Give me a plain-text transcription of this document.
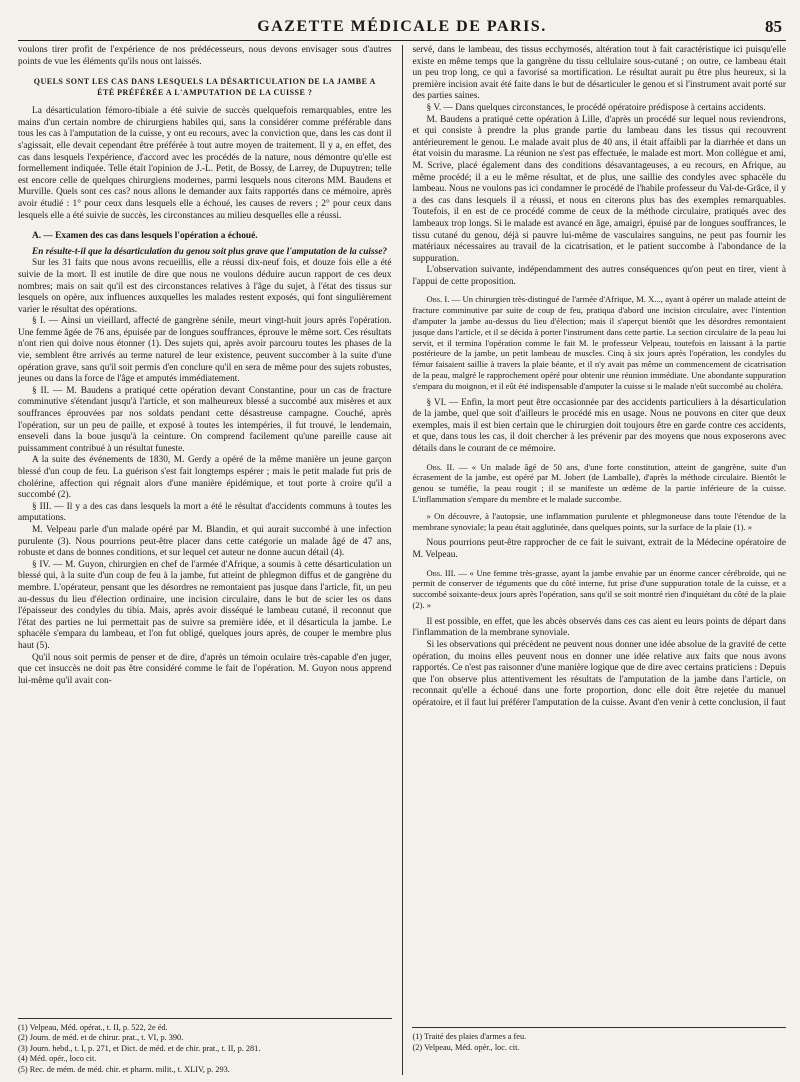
GAZETTE MÉDICALE DE PARIS.	85

voulons tirer profit de l'expérience de nos prédécesseurs, nous devons envisager sous d'autres points de vue les éléments qu'ils nous ont laissés.

QUELS SONT LES CAS DANS LESQUELS LA DÉSARTICULATION DE LA JAMBE A ÉTÉ PRÉFÉRÉE A L'AMPUTATION DE LA CUISSE ?

La désarticulation fémoro-tibiale a été suivie de succès quelquefois remarquables, entre les mains d'un certain nombre de chirurgiens habiles qui, sans la considérer comme préférable dans tous les cas à l'amputation de la cuisse, y ont eu recours, avec la conviction que, dans les cas dont il s'agissait, elle devait cependant être préférée à tout autre moyen de traitement. Il y a, en effet, des cas dans lesquels l'expérience, d'accord avec les procédés de la nature, nous démontre qu'elle est formellement indiquée. Telle était l'opinion de J.-L. Petit, de Bossy, de Larrey, de Dupuytren; telle est encore celle de quelques chirurgiens modernes, parmi lesquels nous citerons MM. Baudens et Murville. Quels sont ces cas? nous allons le demander aux faits rapportés dans ce mémoire, après avoir étudié : 1° pour ceux dans lesquels elle a échoué, les causes de revers ; 2° pour ceux dans lesquels elle a été suivie de succès, les circonstances au milieu desquelles elle a réussi.

A. — Examen des cas dans lesquels l'opération a échoué.

En résulte-t-il que la désarticulation du genou soit plus grave que l'amputation de la cuisse?

Sur les 31 faits que nous avons recueillis, elle a réussi dix-neuf fois, et douze fois elle a été suivie de la mort. Il est inutile de dire que nous ne voulons déduire aucun rapport de ces deux nombres; mais on sait qu'il est des circonstances relatives à l'âge du sujet, à l'état des tissus sur lesquels on opère, aux influences auxquelles les malades restent exposés, qui font singulièrement varier le résultat des opérations.

§ I. — Ainsi un vieillard, affecté de gangrène sénile, meurt vingt-huit jours après l'opération. Une femme âgée de 76 ans, épuisée par de longues souffrances, éprouve le même sort. Ces résultats n'ont rien qui doive nous étonner (1). Des sujets qui, après avoir parcouru toutes les phases de la vie, semblent être arrivés au terme naturel de leur existence, peuvent succomber à la suite d'une opération grave, sans qu'il soit permis d'en conclure qu'il en sera de même pour des sujets robustes, jeunes ou dans la force de l'âge et amputés immédiatement.

§ II. — M. Baudens a pratiqué cette opération devant Constantine, pour un cas de fracture comminutive s'étendant jusqu'à l'article, et son malheureux blessé a succombé aux misères et aux souffrances éprouvées par nos soldats pendant cette désastreuse campagne. Couché, après l'opération, sur un peu de paille, et exposé à toutes les intempéries, il fut trouvé, le lendemain, enseveli dans la boue jusqu'à la ceinture. On comprend facilement qu'une pareille cause ait puissamment contribué à un résultat funeste.

A la suite des événements de 1830, M. Gerdy a opéré de la même manière un jeune garçon blessé d'un coup de feu. La guérison s'est fait longtemps espérer ; mais le petit malade fut pris de cholérine, affection qui régnait alors d'une manière épidémique, et tout porte à croire qu'il a succombé (2).

§ III. — Il y a des cas dans lesquels la mort a été le résultat d'accidents communs à toutes les amputations.

M. Velpeau parle d'un malade opéré par M. Blandin, et qui aurait succombé à une infection purulente (3). Nous pourrions peut-être placer dans cette catégorie un malade âgé de 47 ans, robuste et dans de bonnes conditions, et sur lequel cet auteur ne donne aucun détail (4).

§ IV. — M. Guyon, chirurgien en chef de l'armée d'Afrique, a soumis à cette désarticulation un blessé qui, à la suite d'un coup de feu à la jambe, fut atteint de phlegmon diffus et de gangrène du membre. L'opérateur, pensant que les désordres ne remontaient pas jusque dans l'article, fit, un peu au-dessus du lieu d'élection ordinaire, une incision circulaire, dans le but de scier les os dans l'épaisseur des condyles du tibia. Mais, après avoir disséqué le lambeau cutané, il reconnut que l'état des parties ne lui permettait pas de suivre sa première idée, et il désarticula la jambe. Le sphacèle s'empara du lambeau, et l'on fut obligé, quelques jours après, de couper le membre plus haut (5).

Qu'il nous soit permis de penser et de dire, d'après un témoin oculaire très-capable d'en juger, que cet insuccès ne doit pas être considéré comme le fait de l'opération. M. Guyon nous apprend lui-même qu'il avait con-

(1) Velpeau, Méd. opérat., t. II, p. 522, 2e éd.

(2) Journ. de méd. et de chirur. prat., t. VI, p. 390.

(3) Journ. hebd., t. I, p. 271, et Dict. de méd. et de chir. prat., t. II, p. 281.

(4) Méd. opér., loco cit.

(5) Rec. de mém. de méd. chir. et pharm. milit., t. XLIV, p. 293.

servé, dans le lambeau, des tissus ecchymosés, altération tout à fait caractéristique ici puisqu'elle existe en même temps que la gangrène du tissu cellulaire sous-cutané ; on outre, ce lambeau était un peu trop long, ce qui a favorisé sa mortification. Le résultat aurait pu être plus heureux, si la première incision avait été faite dans le but de désarticuler le genou et si l'instrument avait porté sur des parties saines.

§ V. — Dans quelques circonstances, le procédé opératoire prédispose à certains accidents.

M. Baudens a pratiqué cette opération à Lille, d'après un procédé sur lequel nous reviendrons, et qui consiste à prendre la plus grande partie du lambeau dans les tissus qui recouvrent antérieurement le genou. Le malade avait plus de 40 ans, il était affaibli par la diarrhée et dans un état voisin du marasme. La réunion ne s'est pas effectuée, le malade est mort. Mon collègue et ami, M. Scrive, placé également dans des conditions désavantageuses, a eu recours, en Afrique, au même procédé; il a eu le même résultat, et de plus, une saillie des condyles avec sphacèle du lambeau. Nous ne voulons pas ici condamner le procédé de l'habile professeur du Val-de-Grâce, il y a des cas dans lesquels il a réussi, et nous en citerons plus bas des exemples remarquables. Toutefois, il en est de ce procédé comme de ceux de la méthode circulaire, pratiqués avec des lambeaux trop longs. Si le malade est avancé en âge, amaigri, épuisé par de longues souffrances, le tissu cutané du genou, déjà si pauvre lui-même de vasculaires sanguins, ne peut pas fournir les matériaux nécessaires au travail de la cicatrisation, et le patient succombe à l'abondance de la suppuration.

L'observation suivante, indépendamment des autres conséquences qu'on peut en tirer, vient à l'appui de cette proposition.

Obs. I. — Un chirurgien très-distingué de l'armée d'Afrique, M. X..., ayant à opérer un malade atteint de fracture comminutive par suite de coup de feu, pratiqua d'abord une incision circulaire, avec l'intention d'amputer la jambe au-dessus du lieu d'élection; mais il s'aperçut bientôt que les désordres remontaient jusque dans l'article, et il se décida à porter l'instrument dans cette partie. La section circulaire de la peau lui servit, et il termina l'opération comme le fait M. le professeur Velpeau, toutefois en laissant à la partie postérieure de la jambe, un petit lambeau de muscles. Cinq à six jours après l'opération, les condyles du fémur faisaient saillie à travers la plaie béante, et il n'y avait pas même un commencement de cicatrisation de la peau, malgré le rapprochement opéré pour obtenir une réunion immédiate. Une abondante suppuration s'empara du moignon, et il eût été indispensable d'amputer la cuisse si le malade n'eût succombé au choléra.

§ VI. — Enfin, la mort peut être occasionnée par des accidents particuliers à la désarticulation de la jambe, quel que soit d'ailleurs le procédé mis en usage. Nous ne pouvons en citer que deux exemples, mais il est bien certain que le chirurgien doit toujours être en garde contre ces accidents, et que, dans tous les cas, il doit chercher à les prévenir par des moyens que nous exposerons avec détails dans le courant de ce mémoire.

Obs. II. — « Un malade âgé de 50 ans, d'une forte constitution, atteint de gangrène, suite d'un écrasement de la jambe, est opéré par M. Jobert (de Lamballe), d'après la méthode circulaire. Bientôt le genou se tuméfie, la peau rougit ; il se manifeste un œdème de la partie inférieure de la cuisse. L'inflammation s'empare du membre et le malade succombe.

» On découvre, à l'autopsie, une inflammation purulente et phlegmoneuse dans toute l'étendue de la membrane synoviale; la peau était agglutinée, dans quelques points, sur la surface de la plaie (1). »

Nous pourrions peut-être rapprocher de ce fait le suivant, extrait de la Médecine opératoire de M. Velpeau.

Obs. III. — « Une femme très-grasse, ayant la jambe envahie par un énorme cancer cérébroïde, qui ne permit de conserver de téguments que du côté interne, fut prise d'une suppuration totale de la cuisse, et a succombé soixante-deux jours après l'opération, sans qu'il se soit montré rien d'inquiétant du côté de la plaie (2). »

Il est possible, en effet, que les abcès observés dans ces cas aient eu leurs points de départ dans l'inflammation de la membrane synoviale.

Si les observations qui précèdent ne peuvent nous donner une idée absolue de la gravité de cette opération, du moins elles peuvent nous en donner une idée relative aux faits que nous avons rapportés. Ce n'est pas raisonner d'une manière logique que de dire avec certains praticiens : Depuis que l'on observe plus attentivement les résultats de l'amputation de la jambe dans l'article, on reconnait qu'elle a échoué dans une forte proportion, donc elle doit être rejetée du manuel opératoire, et il faut lui préférer l'amputation de la cuisse. Avant d'en venir à cette conclusion, il faut

(1) Traité des plaies d'armes a feu.

(2) Velpeau, Méd. opér., loc. cit.
